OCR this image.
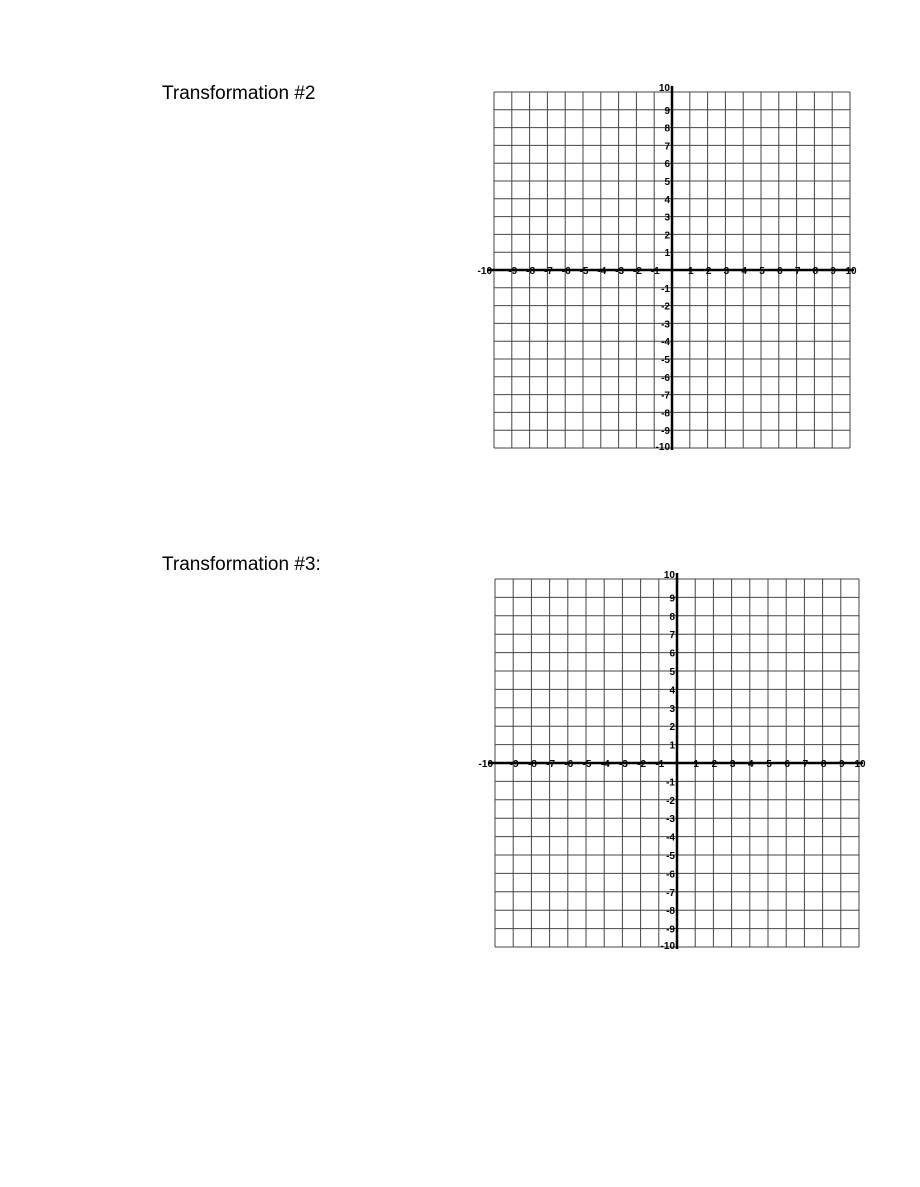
Transformation #2
-10 -9 -8 -7 -6 -5 -4 -3 -2 -1	1 2 3 4 5 6 7 8 9 10
10
9
8
7
6
5
4
3
2
1
-1
-2
-3
-4
-5
-6
-7
-8
-9
-10
Transformation #3:
-10 -9 -8 -7 -6 -5 -4 -3 -2 -1	1 2 3 4 5 6 7 8 9 10
10
9
8
7
6
5
4
3
2
1
-1
-2
-3
-4
-5
-6
-7
-8
-9
-10
